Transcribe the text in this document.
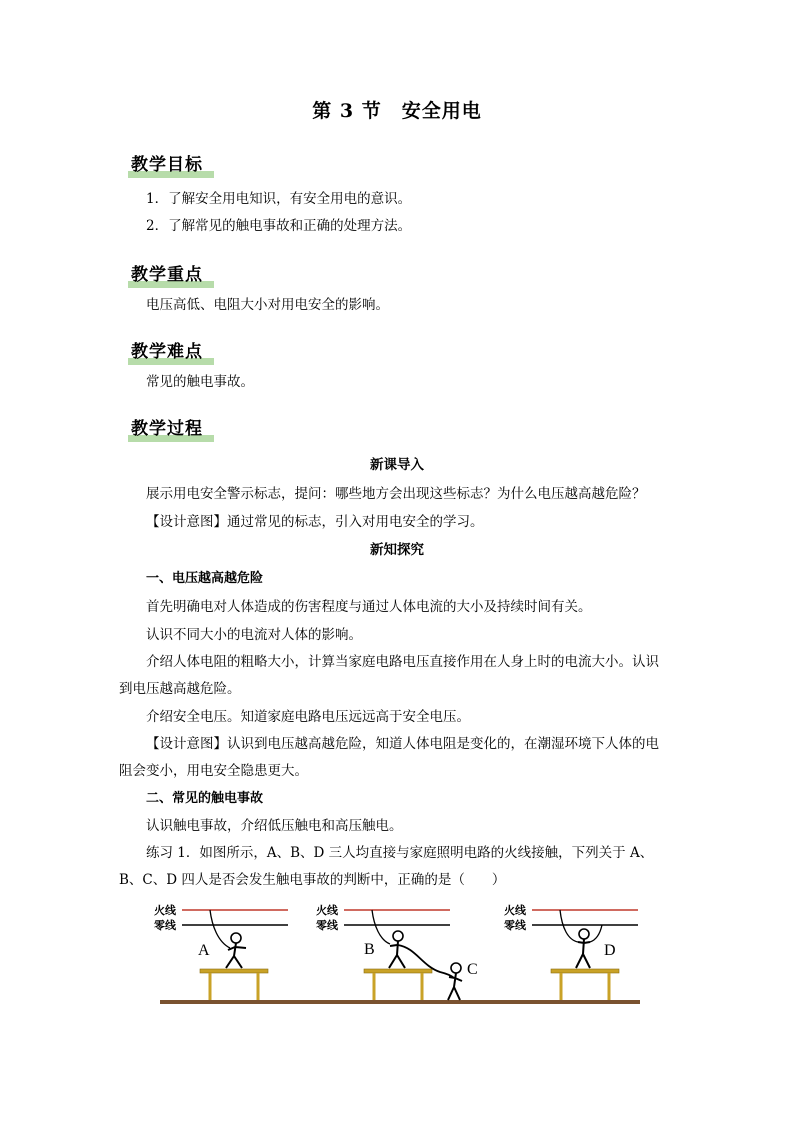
第 3 节　安全用电
教学目标
1．了解安全用电知识，有安全用电的意识。
2．了解常见的触电事故和正确的处理方法。
教学重点
电压高低、电阻大小对用电安全的影响。
教学难点
常见的触电事故。
教学过程
新课导入
展示用电安全警示标志，提问：哪些地方会出现这些标志？为什么电压越高越危险？
【设计意图】通过常见的标志，引入对用电安全的学习。
新知探究
一、电压越高越危险
首先明确电对人体造成的伤害程度与通过人体电流的大小及持续时间有关。
认识不同大小的电流对人体的影响。
介绍人体电阻的粗略大小，计算当家庭电路电压直接作用在人身上时的电流大小。认识
到电压越高越危险。
介绍安全电压。知道家庭电路电压远远高于安全电压。
【设计意图】认识到电压越高越危险，知道人体电阻是变化的，在潮湿环境下人体的电
阻会变小，用电安全隐患更大。
二、常见的触电事故
认识触电事故，介绍低压触电和高压触电。
练习 1．如图所示，A、B、D 三人均直接与家庭照明电路的火线接触，下列关于 A、
B、C、D 四人是否会发生触电事故的判断中，正确的是（　　）
火线
零线
A
火线
零线
B
C
火线
零线
D
